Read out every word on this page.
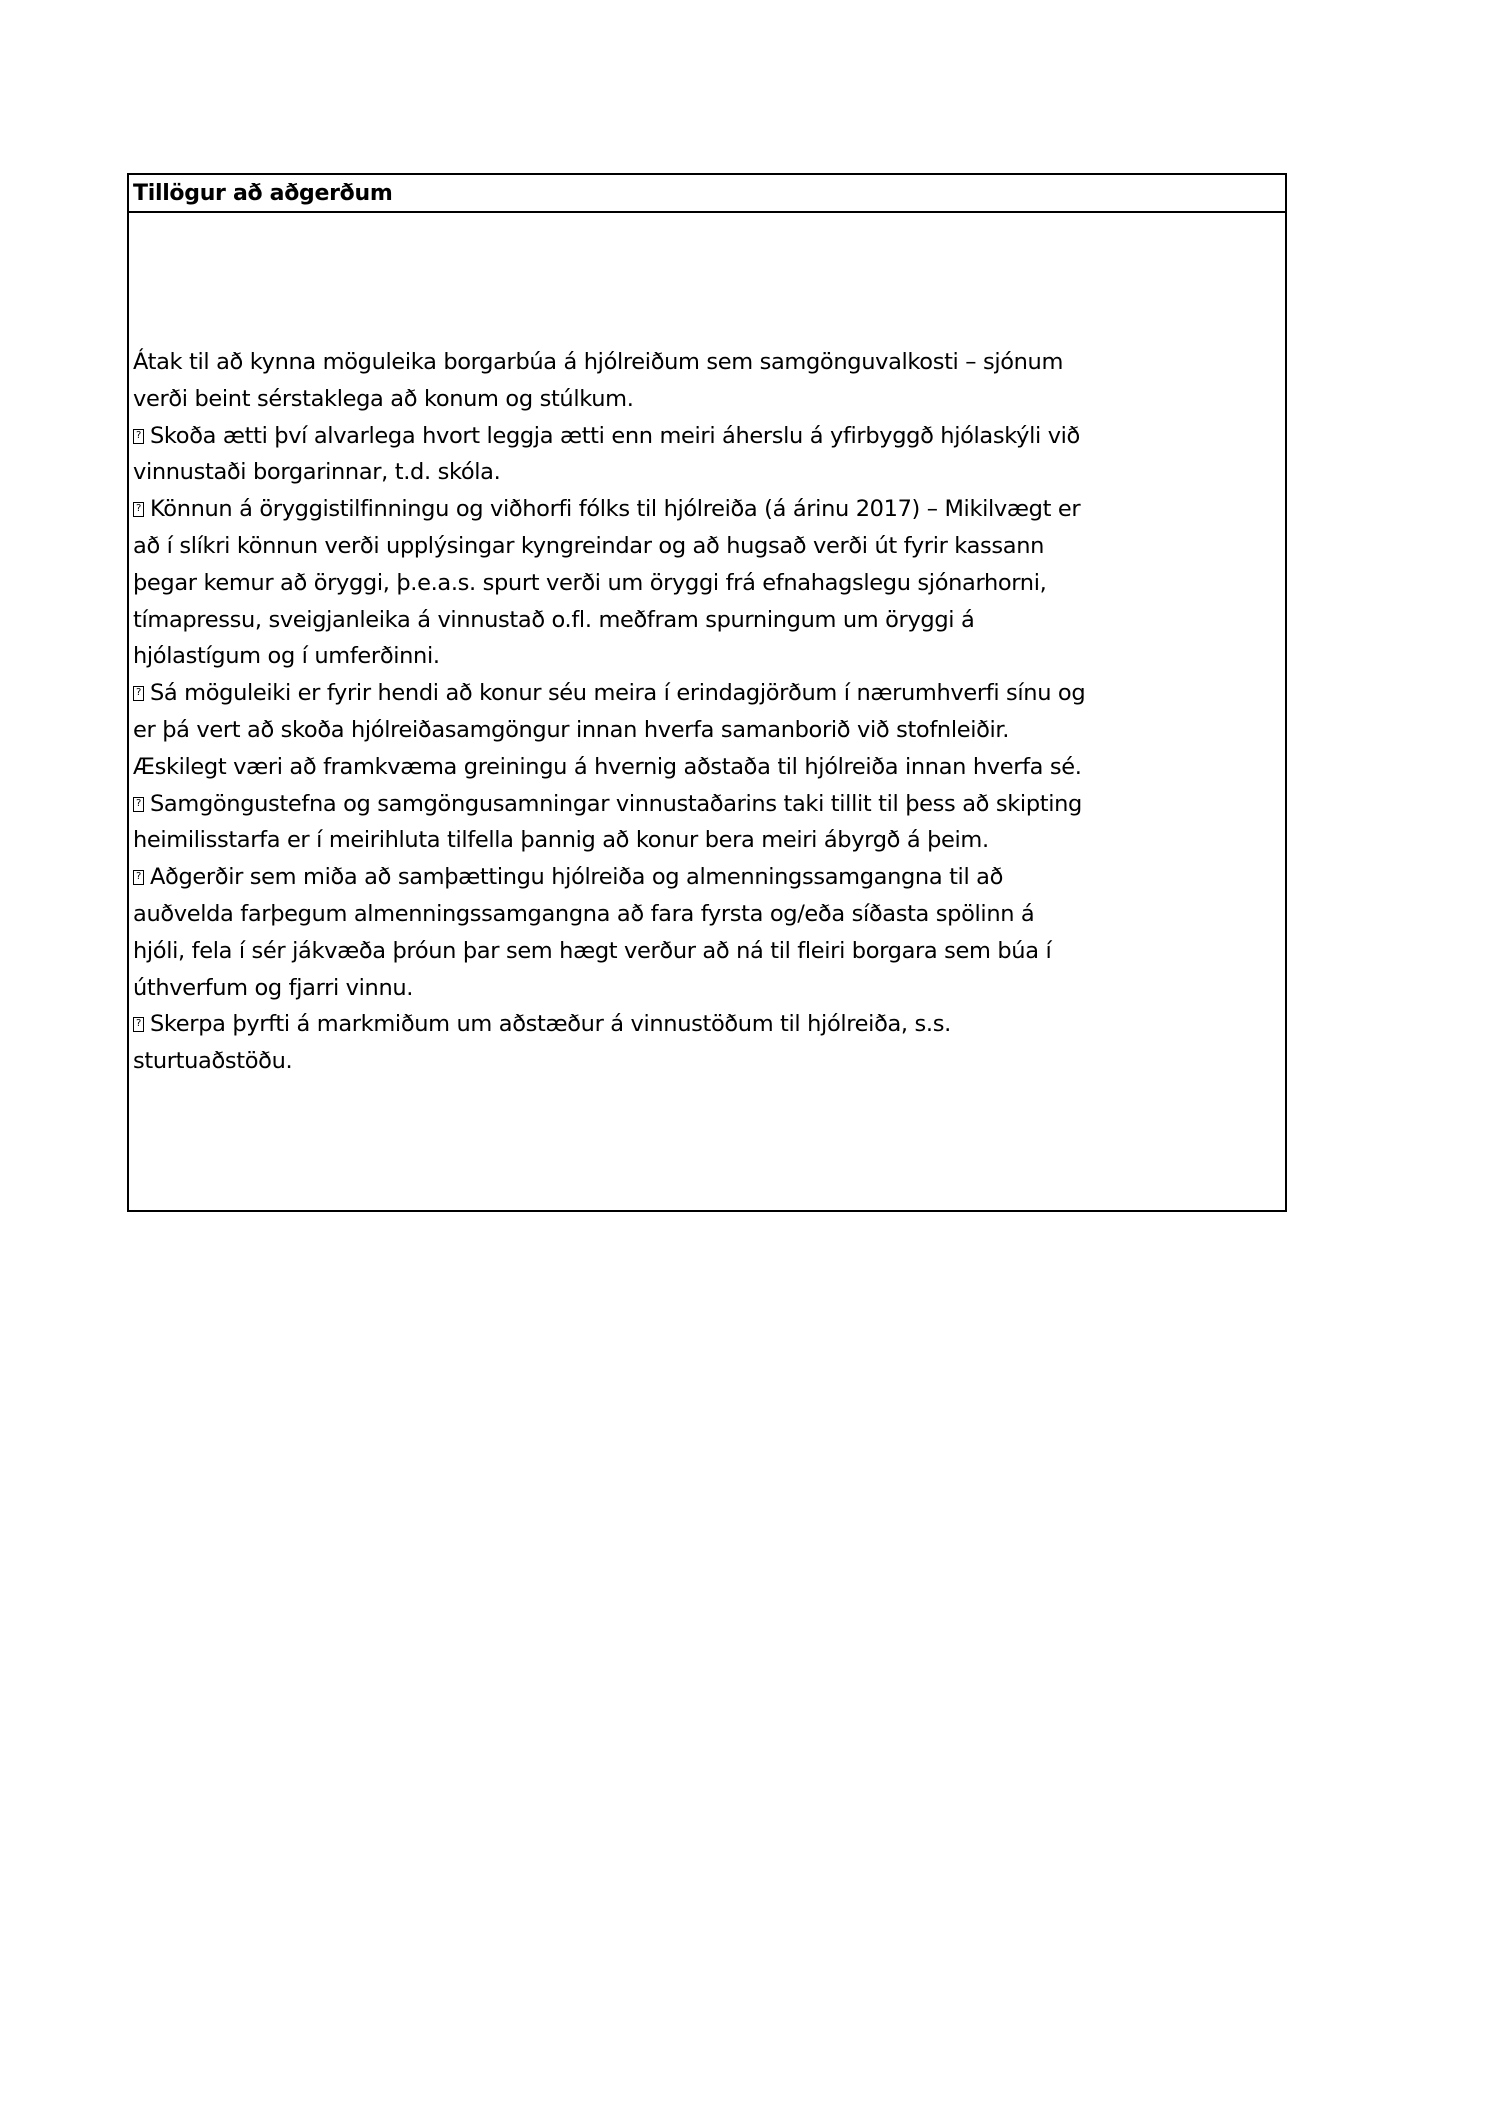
Tillögur að aðgerðum
Átak til að kynna möguleika borgarbúa á hjólreiðum sem samgönguvalkosti – sjónum
verði beint sérstaklega að konum og stúlkum.
?Skoða ætti því alvarlega hvort leggja ætti enn meiri áherslu á yfirbyggð hjólaskýli við
vinnustaði borgarinnar, t.d. skóla.
?Könnun á öryggistilfinningu og viðhorfi fólks til hjólreiða (á árinu 2017) – Mikilvægt er
að í slíkri könnun verði upplýsingar kyngreindar og að hugsað verði út fyrir kassann
þegar kemur að öryggi, þ.e.a.s. spurt verði um öryggi frá efnahagslegu sjónarhorni,
tímapressu, sveigjanleika á vinnustað o.fl. meðfram spurningum um öryggi á
hjólastígum og í umferðinni.
?Sá möguleiki er fyrir hendi að konur séu meira í erindagjörðum í nærumhverfi sínu og
er þá vert að skoða hjólreiðasamgöngur innan hverfa samanborið við stofnleiðir.
Æskilegt væri að framkvæma greiningu á hvernig aðstaða til hjólreiða innan hverfa sé.
?Samgöngustefna og samgöngusamningar vinnustaðarins taki tillit til þess að skipting
heimilisstarfa er í meirihluta tilfella þannig að konur bera meiri ábyrgð á þeim.
?Aðgerðir sem miða að samþættingu hjólreiða og almenningssamgangna til að
auðvelda farþegum almenningssamgangna að fara fyrsta og/eða síðasta spölinn á
hjóli, fela í sér jákvæða þróun þar sem hægt verður að ná til fleiri borgara sem búa í
úthverfum og fjarri vinnu.
?Skerpa þyrfti á markmiðum um aðstæður á vinnustöðum til hjólreiða, s.s.
sturtuaðstöðu.
